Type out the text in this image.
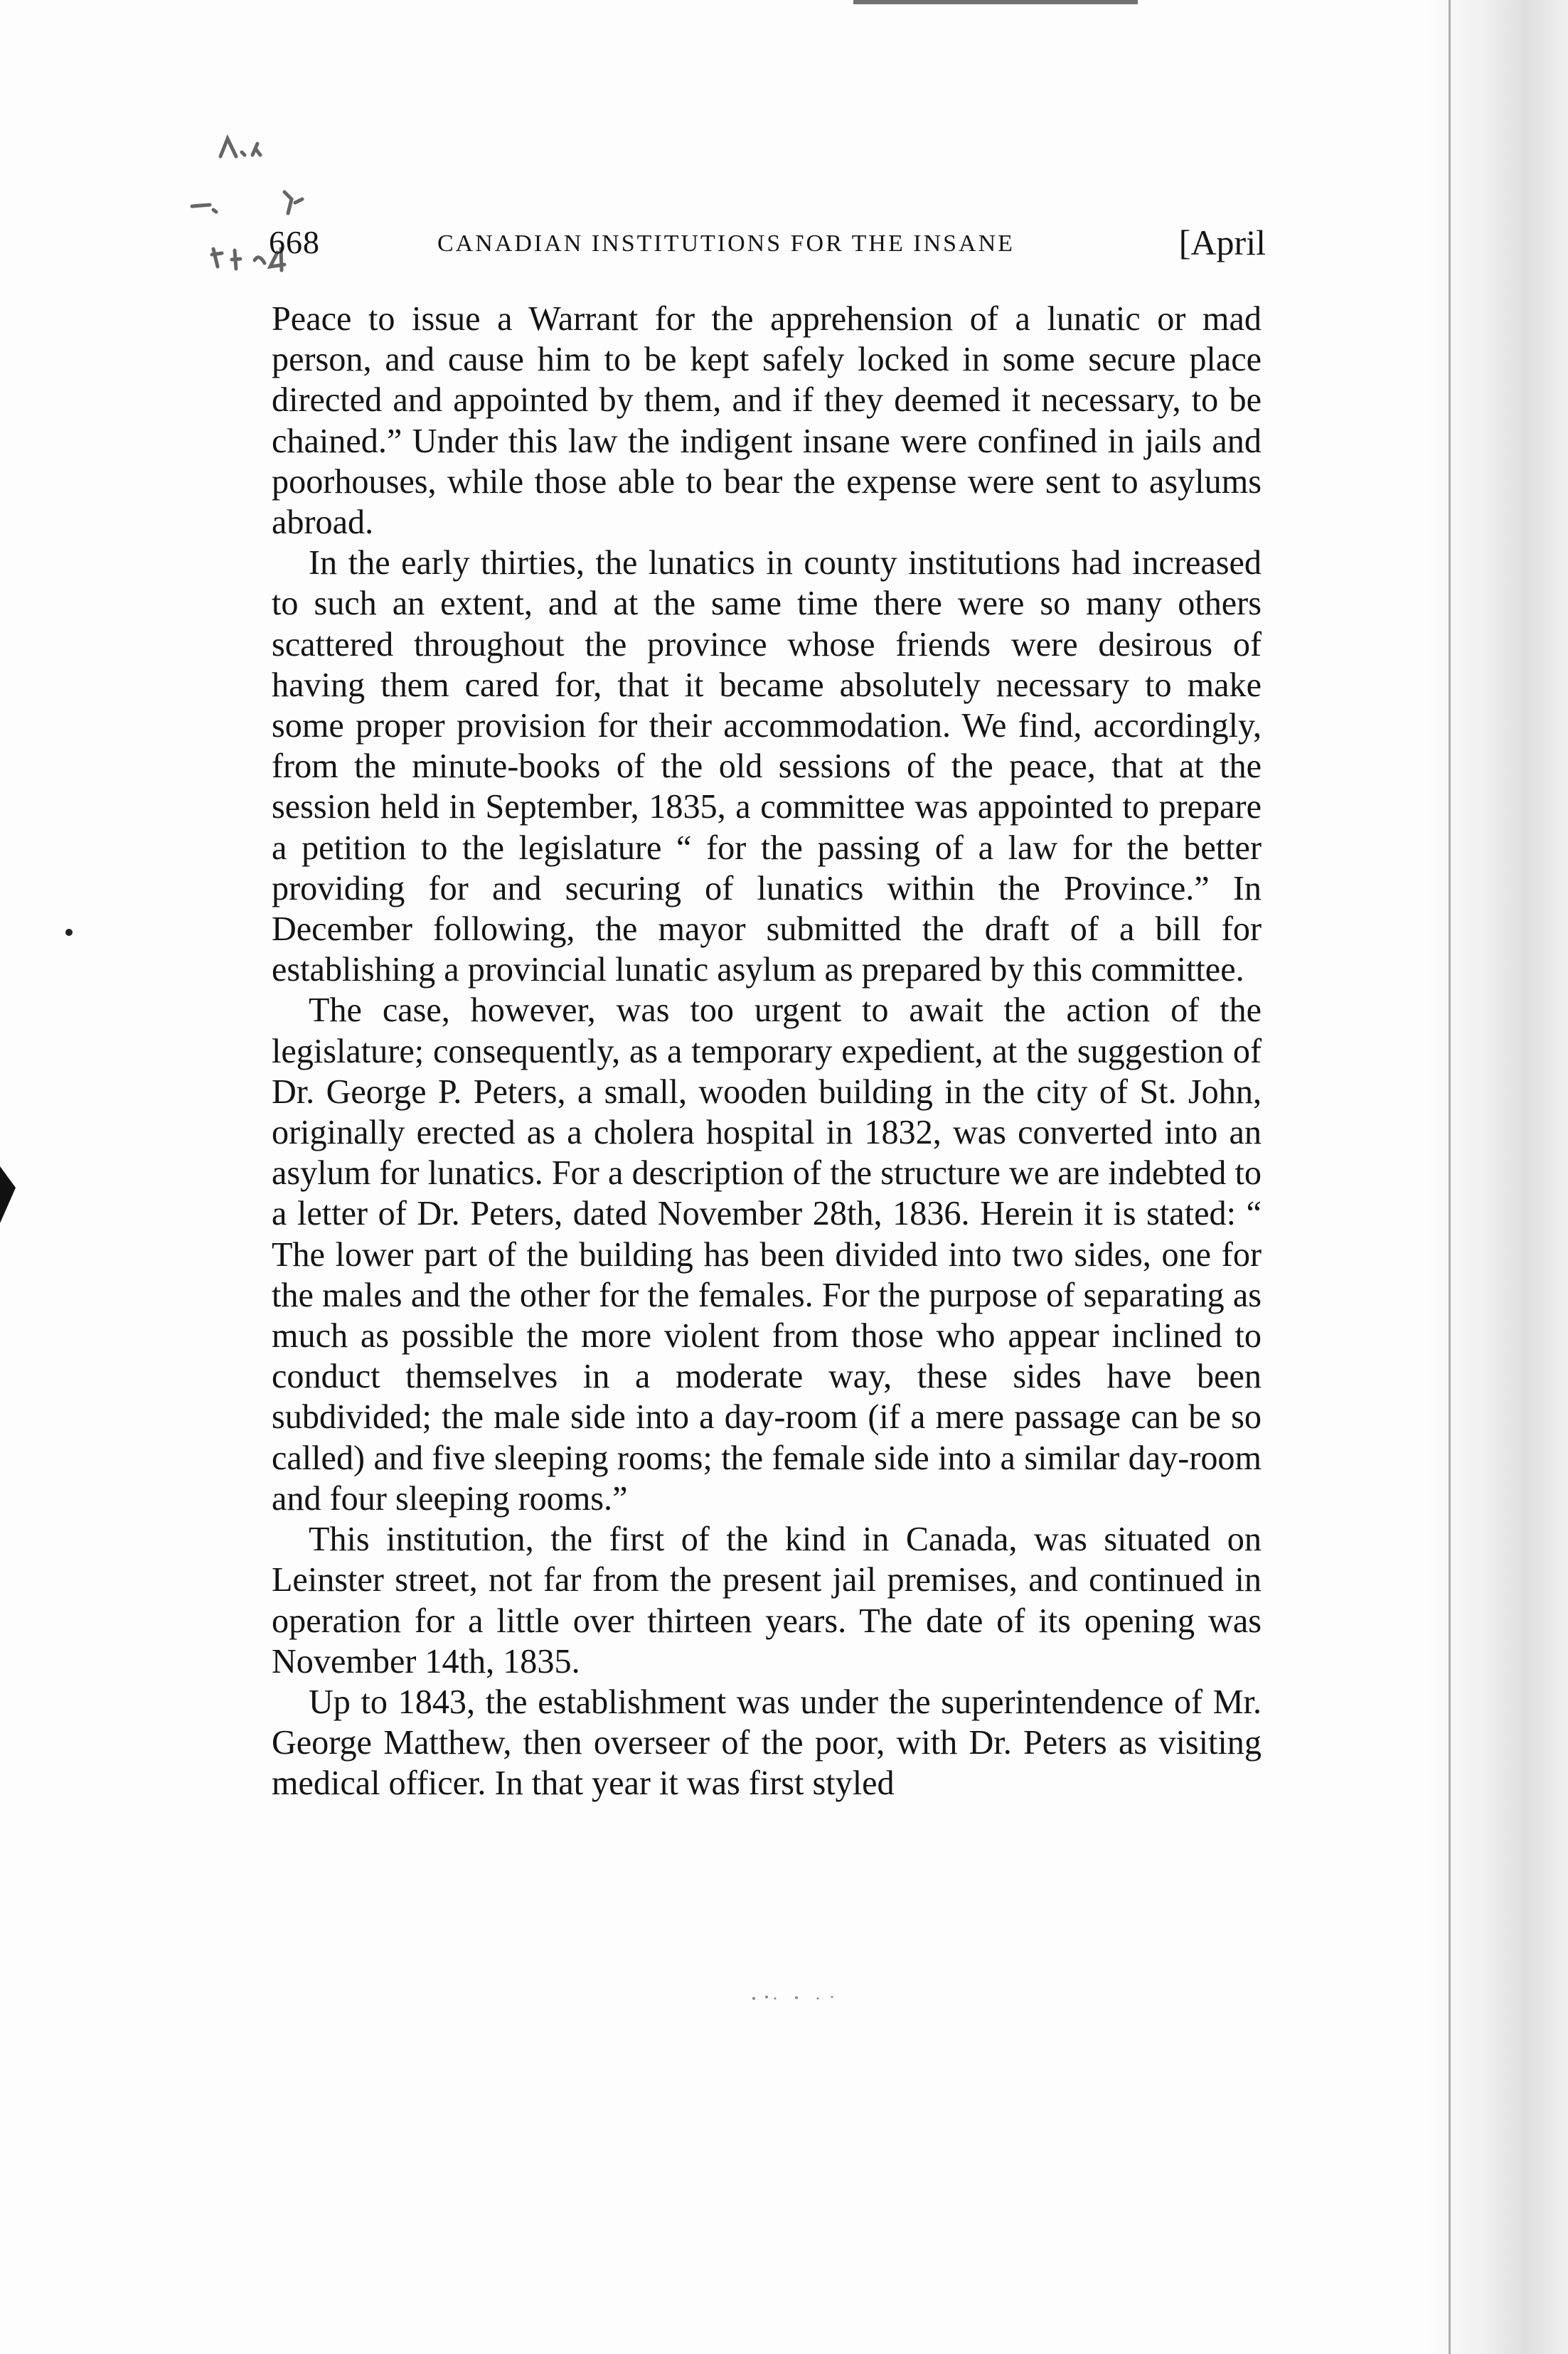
668	CANADIAN INSTITUTIONS FOR THE INSANE	[April

Peace to issue a Warrant for the apprehension of a lunatic or mad person, and cause him to be kept safely locked in some secure place directed and appointed by them, and if they deemed it necessary, to be chained.” Under this law the indigent insane were confined in jails and poorhouses, while those able to bear the expense were sent to asylums abroad.

In the early thirties, the lunatics in county institutions had increased to such an extent, and at the same time there were so many others scattered throughout the province whose friends were desirous of having them cared for, that it became absolutely necessary to make some proper provision for their accommodation. We find, accordingly, from the minute-books of the old sessions of the peace, that at the session held in September, 1835, a committee was appointed to prepare a petition to the legislature “ for the passing of a law for the better providing for and securing of lunatics within the Province.” In December following, the mayor submitted the draft of a bill for establishing a provincial lunatic asylum as prepared by this committee.

The case, however, was too urgent to await the action of the legislature; consequently, as a temporary expedient, at the suggestion of Dr. George P. Peters, a small, wooden building in the city of St. John, originally erected as a cholera hospital in 1832, was converted into an asylum for lunatics. For a description of the structure we are indebted to a letter of Dr. Peters, dated November 28th, 1836. Herein it is stated: “ The lower part of the building has been divided into two sides, one for the males and the other for the females. For the purpose of separating as much as possible the more violent from those who appear inclined to conduct themselves in a moderate way, these sides have been subdivided; the male side into a day-room (if a mere passage can be so called) and five sleeping rooms; the female side into a similar day-room and four sleeping rooms.”

This institution, the first of the kind in Canada, was situated on Leinster street, not far from the present jail premises, and continued in operation for a little over thirteen years. The date of its opening was November 14th, 1835.

Up to 1843, the establishment was under the superintendence of Mr. George Matthew, then overseer of the poor, with Dr. Peters as visiting medical officer. In that year it was first styled
